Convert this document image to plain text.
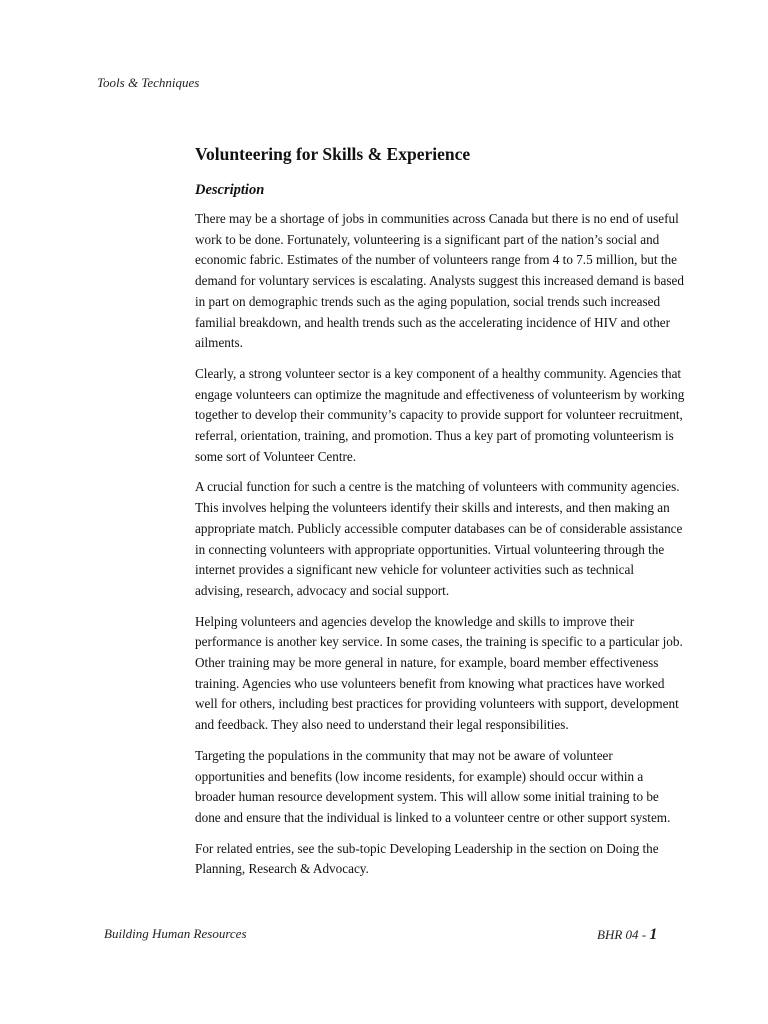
Tools & Techniques
Volunteering for Skills & Experience
Description

There may be a shortage of jobs in communities across Canada but there is no end of useful work to be done. Fortunately, volunteering is a significant part of the nation’s social and economic fabric. Estimates of the number of volunteers range from 4 to 7.5 million, but the demand for voluntary services is escalating. Analysts suggest this increased demand is based in part on demographic trends such as the aging population, social trends such increased familial breakdown, and health trends such as the accelerating incidence of HIV and other ailments.

Clearly, a strong volunteer sector is a key component of a healthy community. Agencies that engage volunteers can optimize the magnitude and effectiveness of volunteerism by working together to develop their community’s capacity to provide support for volunteer recruitment, referral, orientation, training, and promotion. Thus a key part of promoting volunteerism is some sort of Volunteer Centre.

A crucial function for such a centre is the matching of volunteers with community agencies. This involves helping the volunteers identify their skills and interests, and then making an appropriate match. Publicly accessible computer databases can be of considerable assistance in connecting volunteers with appropriate opportunities. Virtual volunteering through the internet provides a significant new vehicle for volunteer activities such as technical advising, research, advocacy and social support.

Helping volunteers and agencies develop the knowledge and skills to improve their performance is another key service. In some cases, the training is specific to a particular job. Other training may be more general in nature, for example, board member effectiveness training. Agencies who use volunteers benefit from knowing what practices have worked well for others, including best practices for providing volunteers with support, development and feedback. They also need to understand their legal responsibilities.

Targeting the populations in the community that may not be aware of volunteer opportunities and benefits (low income residents, for example) should occur within a broader human resource development system. This will allow some initial training to be done and ensure that the individual is linked to a volunteer centre or other support system.

For related entries, see the sub-topic Developing Leadership in the section on Doing the Planning, Research & Advocacy.

Building Human Resources	BHR 04 - 1
